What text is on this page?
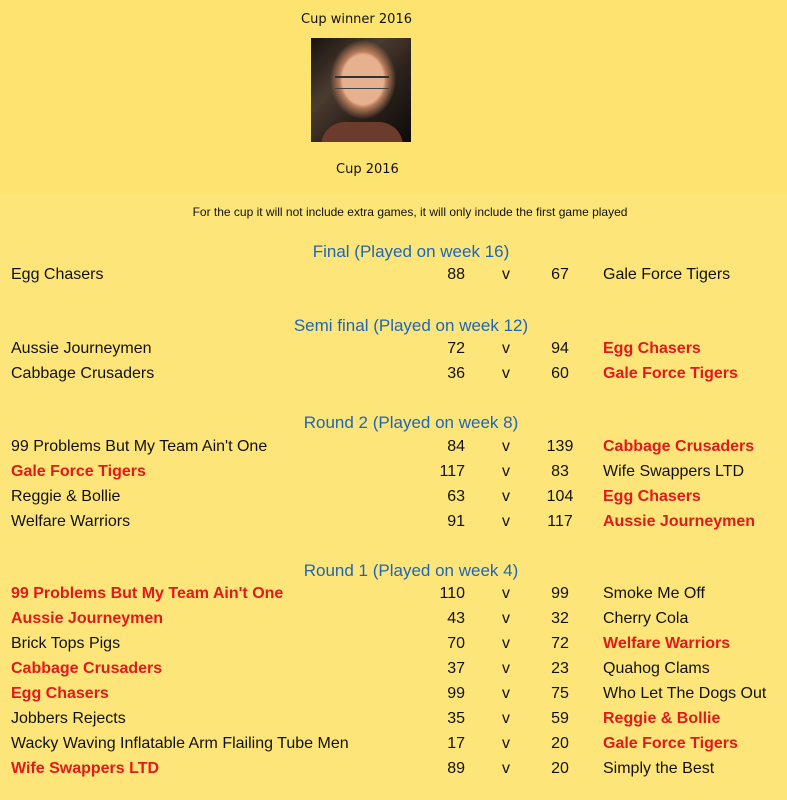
Cup winner 2016
Cup 2016
For the cup it will not include extra games, it will only include the first game played
Final (Played on week 16)
Egg Chasers	88 v	67	Gale Force Tigers
Semi final (Played on week 12)
Aussie Journeymen	72 v	94	Egg Chasers
Cabbage Crusaders	36 v	60	Gale Force Tigers
Round 2 (Played on week 8)
99 Problems But My Team Ain't One	84 v 139 Cabbage Crusaders
Gale Force Tigers	117 v	83	Wife Swappers LTD
Reggie & Bollie	63 v 104 Egg Chasers
Welfare Warriors	91 v 117 Aussie Journeymen
Round 1 (Played on week 4)
99 Problems But My Team Ain't One	110 v	99	Smoke Me Off
Aussie Journeymen	43 v	32	Cherry Cola
Brick Tops Pigs	70 v	72	Welfare Warriors
Cabbage Crusaders	37 v	23	Quahog Clams
Egg Chasers	99 v	75	Who Let The Dogs Out
Jobbers Rejects	35 v	59	Reggie & Bollie
Wacky Waving Inflatable Arm Flailing Tube Men	17 v	20	Gale Force Tigers
Wife Swappers LTD	89 v	20	Simply the Best
